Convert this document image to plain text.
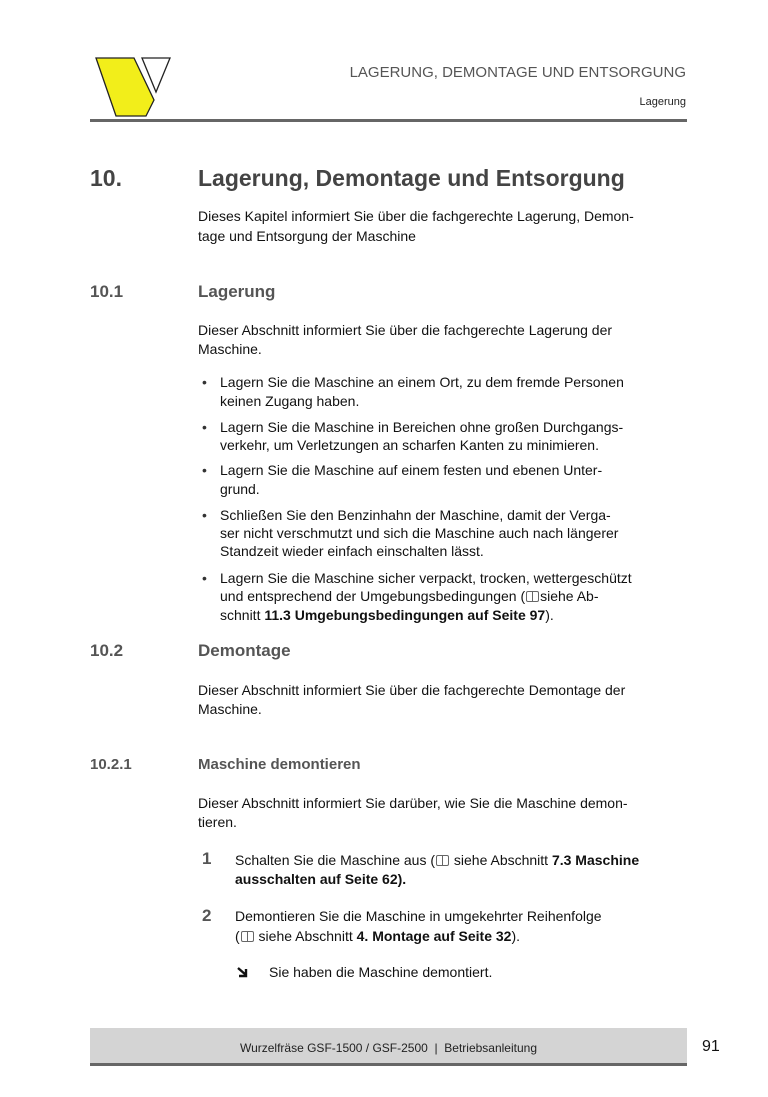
LAGERUNG, DEMONTAGE UND ENTSORGUNG
Lagerung
10.	Lagerung, Demontage und Entsorgung
Dieses Kapitel informiert Sie über die fachgerechte Lagerung, Demon-
tage und Entsorgung der Maschine
10.1	Lagerung
Dieser Abschnitt informiert Sie über die fachgerechte Lagerung der
Maschine.
• Lagern Sie die Maschine an einem Ort, zu dem fremde Personen
keinen Zugang haben.
• Lagern Sie die Maschine in Bereichen ohne großen Durchgangs-
verkehr, um Verletzungen an scharfen Kanten zu minimieren.
• Lagern Sie die Maschine auf einem festen und ebenen Unter-
grund.
• Schließen Sie den Benzinhahn der Maschine, damit der Verga-
ser nicht verschmutzt und sich die Maschine auch nach längerer
Standzeit wieder einfach einschalten lässt.
• Lagern Sie die Maschine sicher verpackt, trocken, wettergeschützt
und entsprechend der Umgebungsbedingungen ( siehe Ab-
schnitt 11.3 Umgebungsbedingungen auf Seite 97).
10.2	Demontage
Dieser Abschnitt informiert Sie über die fachgerechte Demontage der
Maschine.
10.2.1	Maschine demontieren
Dieser Abschnitt informiert Sie darüber, wie Sie die Maschine demon-
tieren.
1 Schalten Sie die Maschine aus ( siehe Abschnitt 7.3 Maschine
ausschalten auf Seite 62).
2 Demontieren Sie die Maschine in umgekehrter Reihenfolge
( siehe Abschnitt 4. Montage auf Seite 32).
Sie haben die Maschine demontiert.
Wurzelfräse GSF-1500 / GSF-2500  |  Betriebsanleitung	91
